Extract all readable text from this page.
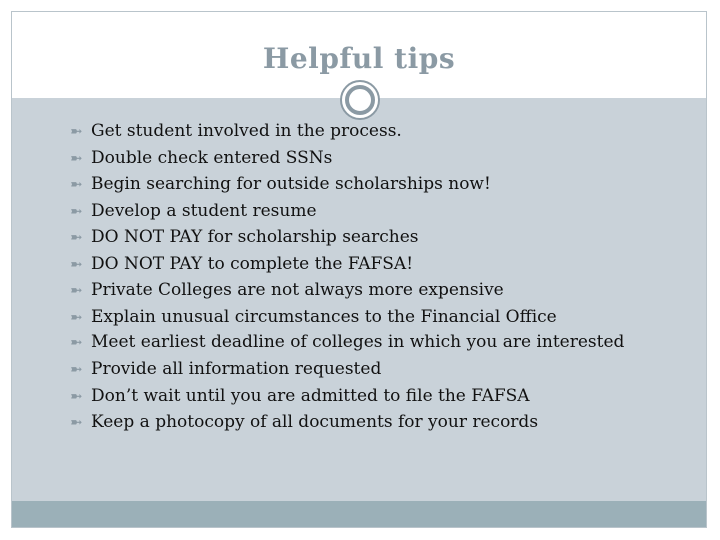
Helpful tips
➼ Get student involved in the process.
➼ Double check entered SSNs
➼ Begin searching for outside scholarships now!
➼ Develop a student resume
➼ DO NOT PAY for scholarship searches
➼ DO NOT PAY to complete the FAFSA!
➼ Private Colleges are not always more expensive
➼ Explain unusual circumstances to the Financial Office
➼ Meet earliest deadline of colleges in which you are interested
➼ Provide all information requested
➼ Don’t wait until you are admitted to file the FAFSA
➼ Keep a photocopy of all documents for your records
